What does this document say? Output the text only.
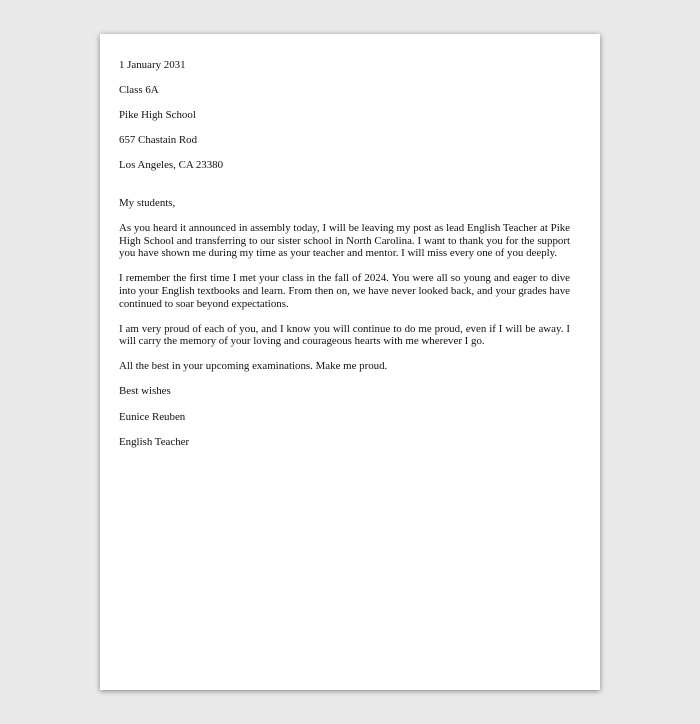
1 January 2031
Class 6A
Pike High School
657 Chastain Rod
Los Angeles, CA 23380
My students,

As you heard it announced in assembly today, I will be leaving my post as lead English Teacher at Pike High School and transferring to our sister school in North Carolina. I want to thank you for the support you have shown me during my time as your teacher and mentor. I will miss every one of you deeply.

I remember the first time I met your class in the fall of 2024. You were all so young and eager to dive into your English textbooks and learn. From then on, we have never looked back, and your grades have continued to soar beyond expectations.

I am very proud of each of you, and I know you will continue to do me proud, even if I will be away. I will carry the memory of your loving and courageous hearts with me wherever I go.

All the best in your upcoming examinations. Make me proud.

Best wishes
Eunice Reuben
English Teacher
